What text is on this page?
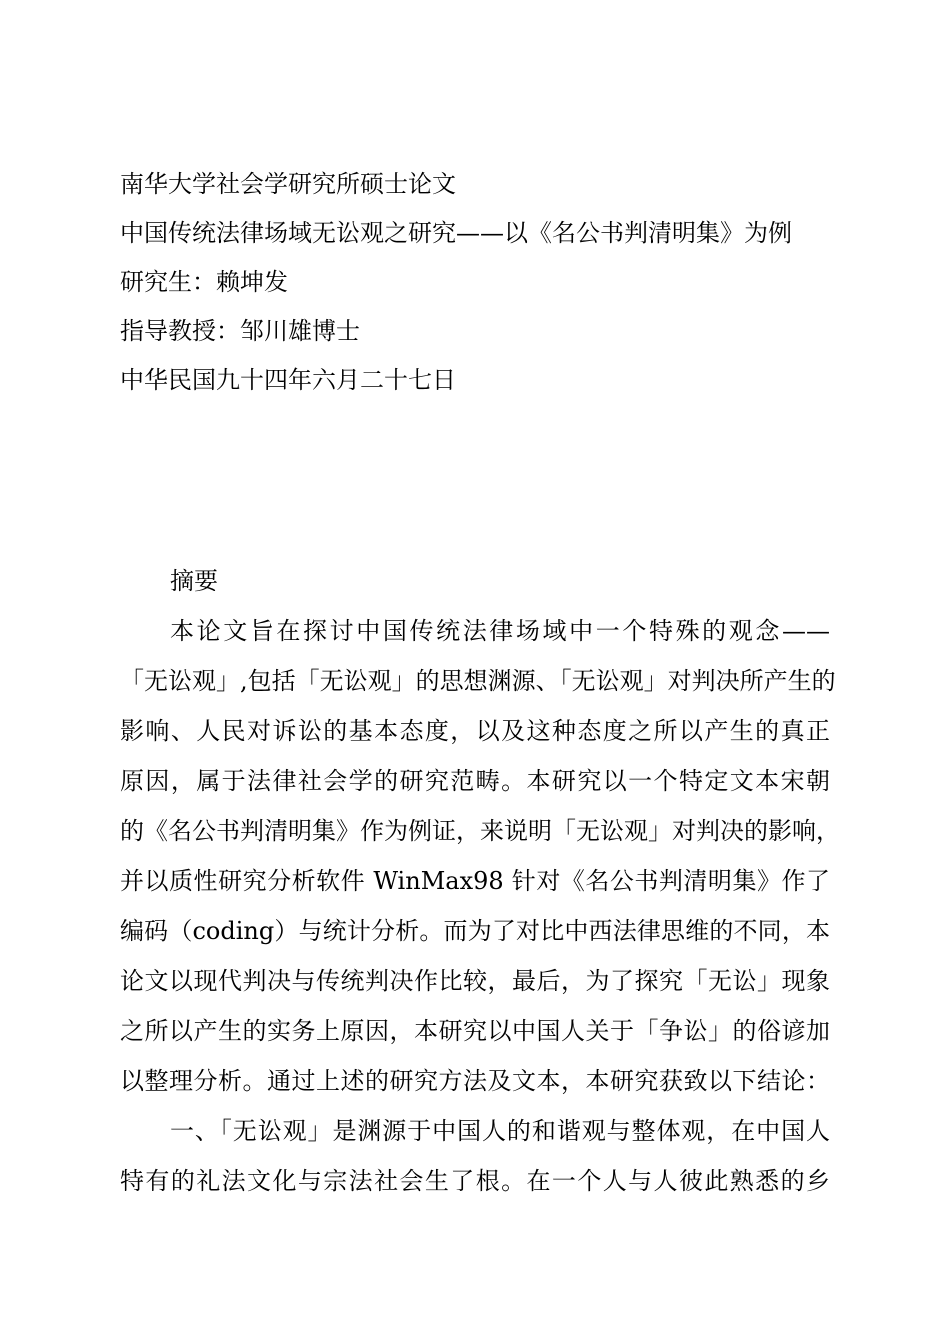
南华大学社会学研究所硕士论文
中国传统法律场域无讼观之研究——以《名公书判清明集》为例
研究生：赖坤发
指导教授：邹川雄博士
中华民国九十四年六月二十七日
摘要

本论文旨在探讨中国传统法律场域中一个特殊的观念——
「无讼观」,包括「无讼观」的思想渊源、「无讼观」对判决所产生的
影响、人民对诉讼的基本态度，以及这种态度之所以产生的真正
原因，属于法律社会学的研究范畴。本研究以一个特定文本宋朝
的《名公书判清明集》作为例证，来说明「无讼观」对判决的影响，
并以质性研究分析软件 WinMax98 针对《名公书判清明集》作了
编码（coding）与统计分析。而为了对比中西法律思维的不同，本
论文以现代判决与传统判决作比较，最后，为了探究「无讼」现象
之所以产生的实务上原因，本研究以中国人关于「争讼」的俗谚加
以整理分析。通过上述的研究方法及文本，本研究获致以下结论：

一、「无讼观」是渊源于中国人的和谐观与整体观，在中国人
特有的礼法文化与宗法社会生了根。在一个人与人彼此熟悉的乡
